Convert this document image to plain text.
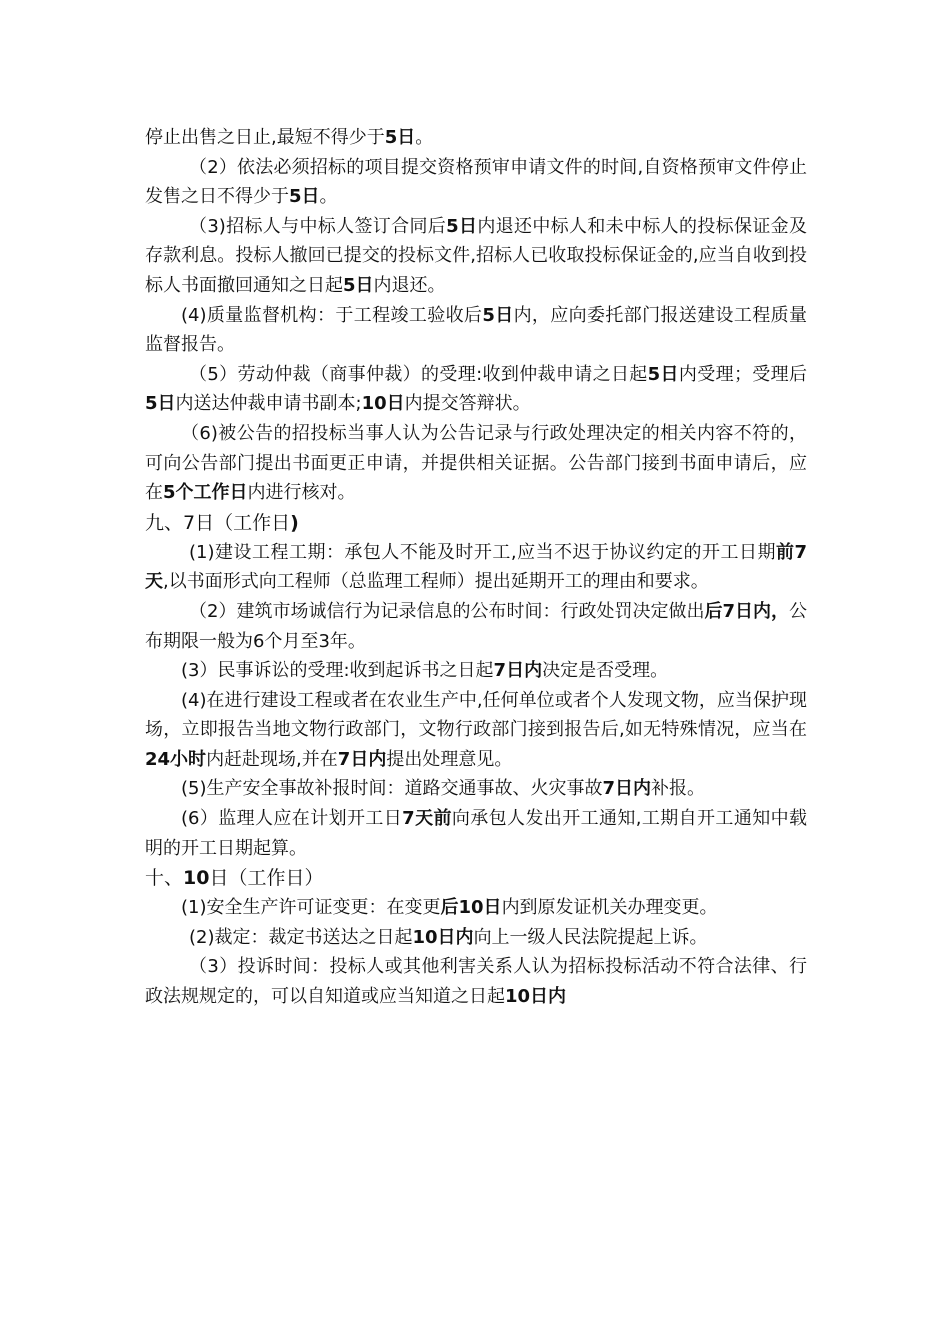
停止出售之日止,最短不得少于5日。

（2）依法必须招标的项目提交资格预审申请文件的时间,自资格预审文件停止发售之日不得少于5日。

（3)招标人与中标人签订合同后5日内退还中标人和未中标人的投标保证金及存款利息。投标人撤回已提交的投标文件,招标人已收取投标保证金的,应当自收到投标人书面撤回通知之日起5日内退还。

(4)质量监督机构：于工程竣工验收后5日内，应向委托部门报送建设工程质量监督报告。

（5）劳动仲裁（商事仲裁）的受理:收到仲裁申请之日起5日内受理；受理后5日内送达仲裁申请书副本;10日内提交答辩状。

（6)被公告的招投标当事人认为公告记录与行政处理决定的相关内容不符的，可向公告部门提出书面更正申请，并提供相关证据。公告部门接到书面申请后，应在5个工作日内进行核对。

九、7日（工作日)

(1)建设工程工期：承包人不能及时开工,应当不迟于协议约定的开工日期前7天,以书面形式向工程师（总监理工程师）提出延期开工的理由和要求。

（2）建筑市场诚信行为记录信息的公布时间：行政处罚决定做出后7日内，公布期限一般为6个月至3年。

(3）民事诉讼的受理:收到起诉书之日起7日内决定是否受理。

(4)在进行建设工程或者在农业生产中,任何单位或者个人发现文物，应当保护现场，立即报告当地文物行政部门，文物行政部门接到报告后,如无特殊情况，应当在24小时内赶赴现场,并在7日内提出处理意见。

(5)生产安全事故补报时间：道路交通事故、火灾事故7日内补报。

(6）监理人应在计划开工日7天前向承包人发出开工通知,工期自开工通知中载明的开工日期起算。

十、10日（工作日）

(1)安全生产许可证变更：在变更后10日内到原发证机关办理变更。

(2)裁定：裁定书送达之日起10日内向上一级人民法院提起上诉。

（3）投诉时间：投标人或其他利害关系人认为招标投标活动不符合法律、行政法规规定的，可以自知道或应当知道之日起10日内
